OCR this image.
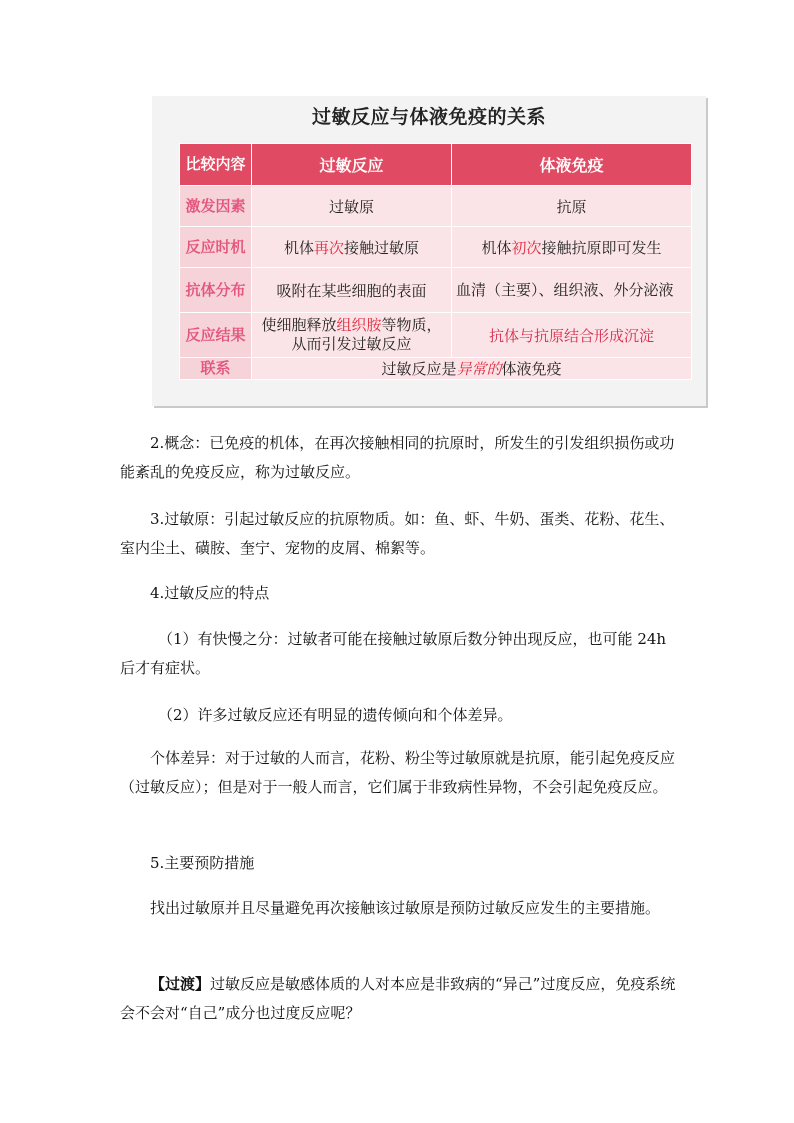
过敏反应与体液免疫的关系
比较内容	过敏反应	体液免疫
激发因素	过敏原	抗原
反应时机	机体再次接触过敏原	机体初次接触抗原即可发生
抗体分布	吸附在某些细胞的表面	血清（主要）、组织液、外分泌液
反应结果	使细胞释放组织胺等物质，从而引发过敏反应	抗体与抗原结合形成沉淀
联系	过敏反应是异常的体液免疫	
2.概念：已免疫的机体，在再次接触相同的抗原时，所发生的引发组织损伤或功能紊乱的免疫反应，称为过敏反应。
3.过敏原：引起过敏反应的抗原物质。如：鱼、虾、牛奶、蛋类、花粉、花生、室内尘土、磺胺、奎宁、宠物的皮屑、棉絮等。
4.过敏反应的特点
（1）有快慢之分：过敏者可能在接触过敏原后数分钟出现反应，也可能 24h 后才有症状。
（2）许多过敏反应还有明显的遗传倾向和个体差异。
个体差异：对于过敏的人而言，花粉、粉尘等过敏原就是抗原，能引起免疫反应（过敏反应）；但是对于一般人而言，它们属于非致病性异物，不会引起免疫反应。
5.主要预防措施
找出过敏原并且尽量避免再次接触该过敏原是预防过敏反应发生的主要措施。
【过渡】过敏反应是敏感体质的人对本应是非致病的“异己”过度反应，免疫系统会不会对“自己”成分也过度反应呢？
